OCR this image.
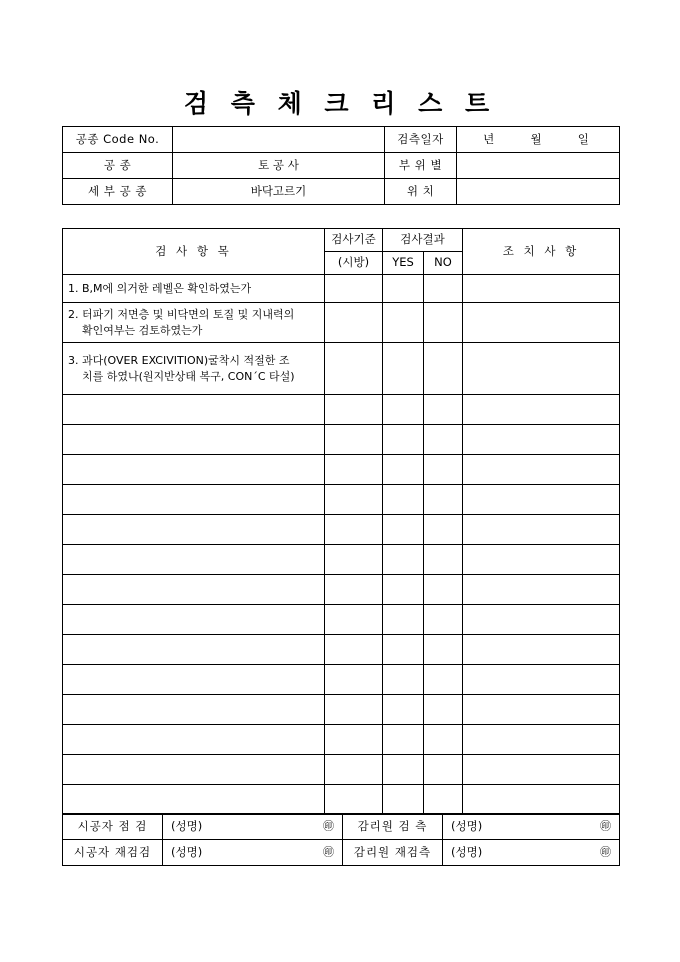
검 측 체 크 리 스 트
공종 Code No.		검측일자	년 월 일

공 종	토 공 사	부 위 별	
세 부 공 종	바닥고르기	위 치	
검 사 항 목	검사기준	검사결과		조 치 사 항
	(시방)	YES	NO	
1. B,M에 의거한 레벨은 확인하였는가				
2. 터파기 저면층 및 비닥면의 토질 및 지내력의
확인여부는 검토하였는가				

3. 과다(OVER EXCIVITION)굴착시 적절한 조
치를 하였나(원지반상태 복구, CON´C 타설)				

시공자 점 검	(성명) ㊞	감리원 검 측	(성명) ㊞

시공자 재검검	(성명) ㊞	감리원 재검측	(성명) ㊞
